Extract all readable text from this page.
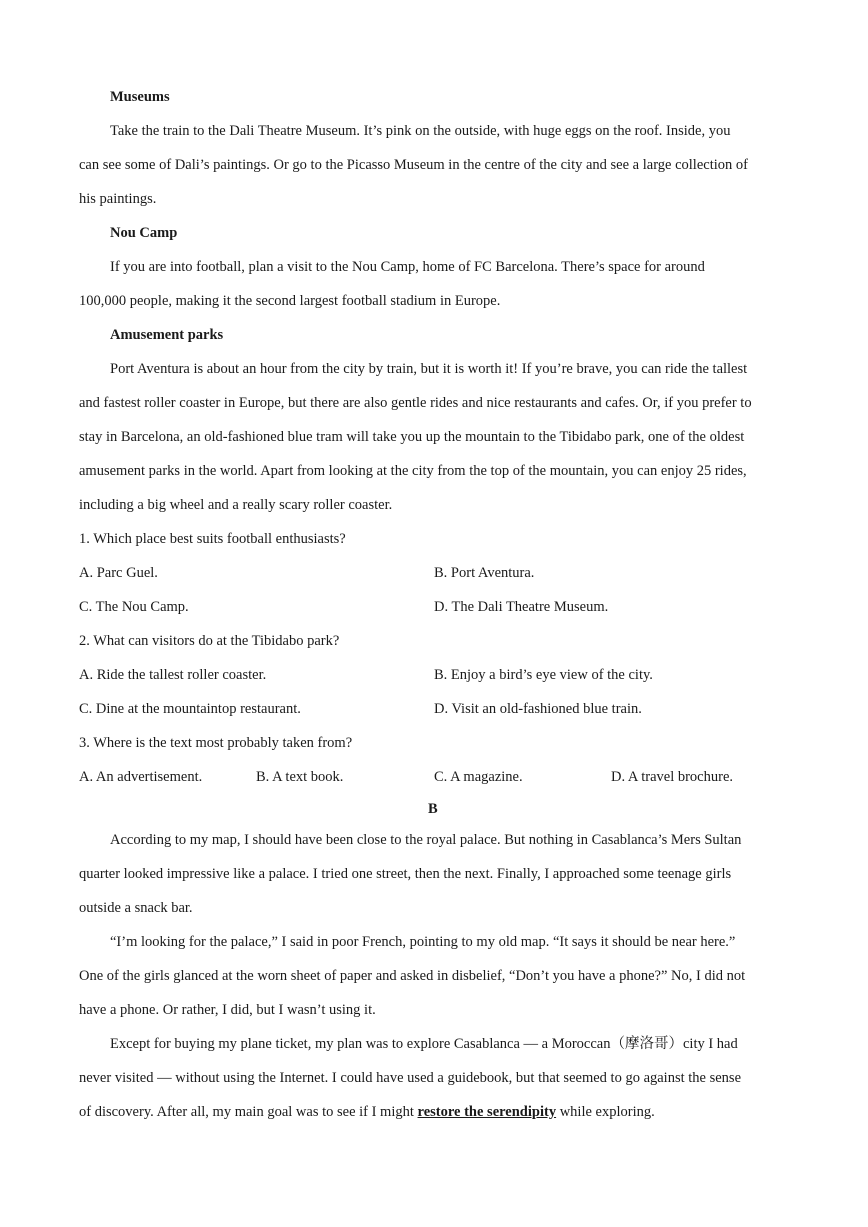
Museums
Take the train to the Dali Theatre Museum. It’s pink on the outside, with huge eggs on the roof. Inside, you
can see some of Dali’s paintings. Or go to the Picasso Museum in the centre of the city and see a large collection of
his paintings.
Nou Camp
If you are into football, plan a visit to the Nou Camp, home of FC Barcelona. There’s space for around
100,000 people, making it the second largest football stadium in Europe.
Amusement parks
Port Aventura is about an hour from the city by train, but it is worth it! If you’re brave, you can ride the tallest
and fastest roller coaster in Europe, but there are also gentle rides and nice restaurants and cafes. Or, if you prefer to
stay in Barcelona, an old-fashioned blue tram will take you up the mountain to the Tibidabo park, one of the oldest
amusement parks in the world. Apart from looking at the city from the top of the mountain, you can enjoy 25 rides,
including a big wheel and a really scary roller coaster.
1. Which place best suits football enthusiasts?
A. Parc Guel.	B. Port Aventura.
C. The Nou Camp.	D. The Dali Theatre Museum.
2. What can visitors do at the Tibidabo park?
A. Ride the tallest roller coaster.	B. Enjoy a bird’s eye view of the city.
C. Dine at the mountaintop restaurant.	D. Visit an old-fashioned blue train.
3. Where is the text most probably taken from?
A. An advertisement.	B. A text book.	C. A magazine.	D. A travel brochure.
B
According to my map, I should have been close to the royal palace. But nothing in Casablanca’s Mers Sultan
quarter looked impressive like a palace. I tried one street, then the next. Finally, I approached some teenage girls
outside a snack bar.
“I’m looking for the palace,” I said in poor French, pointing to my old map. “It says it should be near here.”
One of the girls glanced at the worn sheet of paper and asked in disbelief, “Don’t you have a phone?” No, I did not
have a phone. Or rather, I did, but I wasn’t using it.
Except for buying my plane ticket, my plan was to explore Casablanca — a Moroccan（摩洛哥）city I had
never visited — without using the Internet. I could have used a guidebook, but that seemed to go against the sense
of discovery. After all, my main goal was to see if I might restore the serendipity while exploring.
